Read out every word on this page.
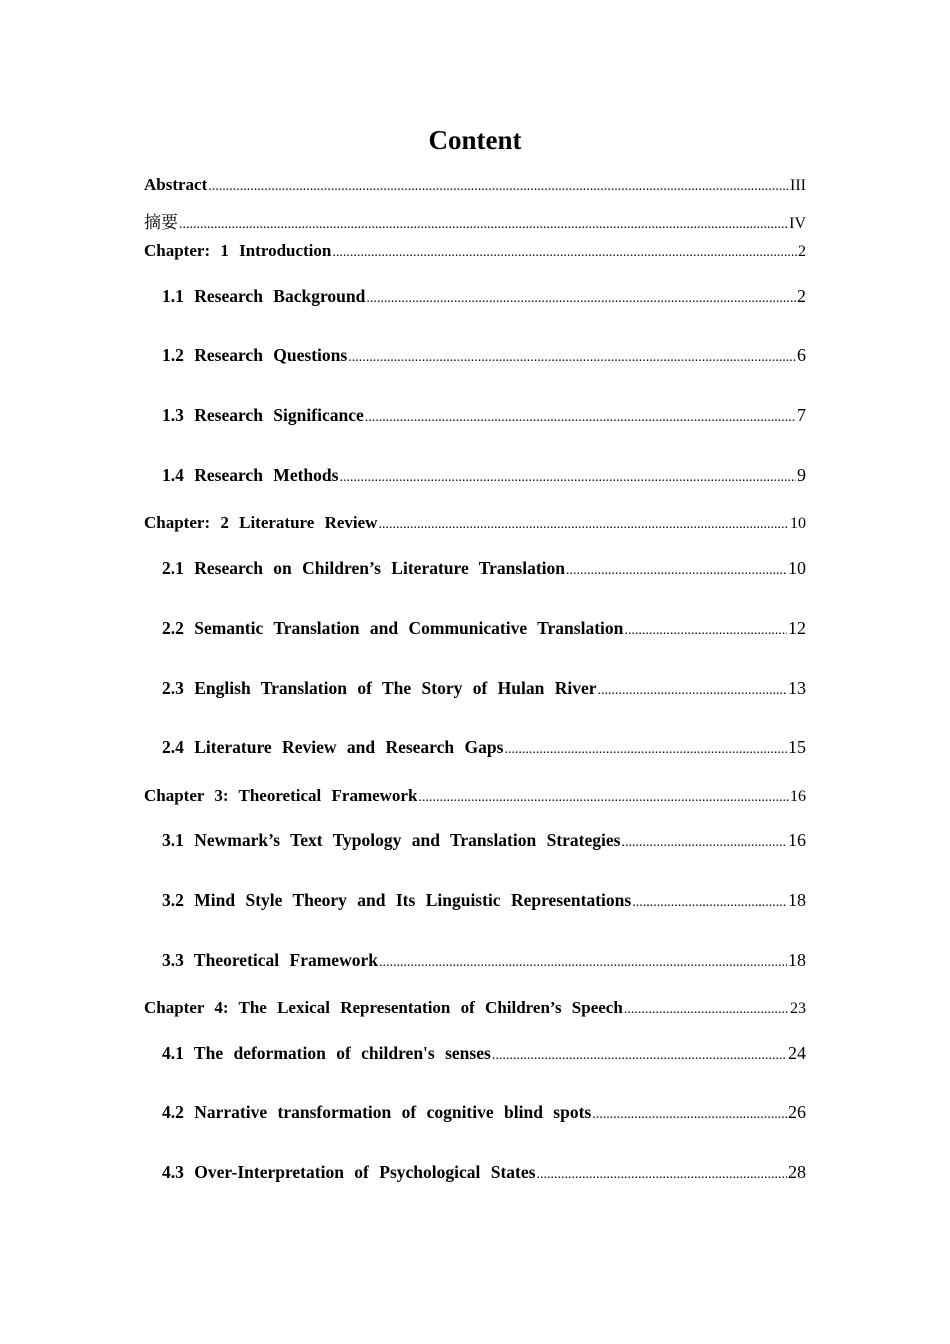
Content
Abstract .....	III
摘要 .....	IV
Chapter: 1 Introduction .....	2
1.1 Research Background .....	2
1.2 Research Questions .....	6
1.3 Research Significance .....	7
1.4 Research Methods .....	9
Chapter: 2 Literature Review .....	10
2.1 Research on Children’s Literature Translation .....	10
2.2 Semantic Translation and Communicative Translation .....	12
2.3 English Translation of The Story of Hulan River .....	13
2.4 Literature Review and Research Gaps .....	15
Chapter 3: Theoretical Framework .....	16
3.1 Newmark’s Text Typology and Translation Strategies .....	16
3.2 Mind Style Theory and Its Linguistic Representations .....	18
3.3 Theoretical Framework .....	18
Chapter 4: The Lexical Representation of Children’s Speech .....	23
4.1 The deformation of children's senses .....	24
4.2 Narrative transformation of cognitive blind spots .....	26
4.3 Over-Interpretation of Psychological States .....	28
